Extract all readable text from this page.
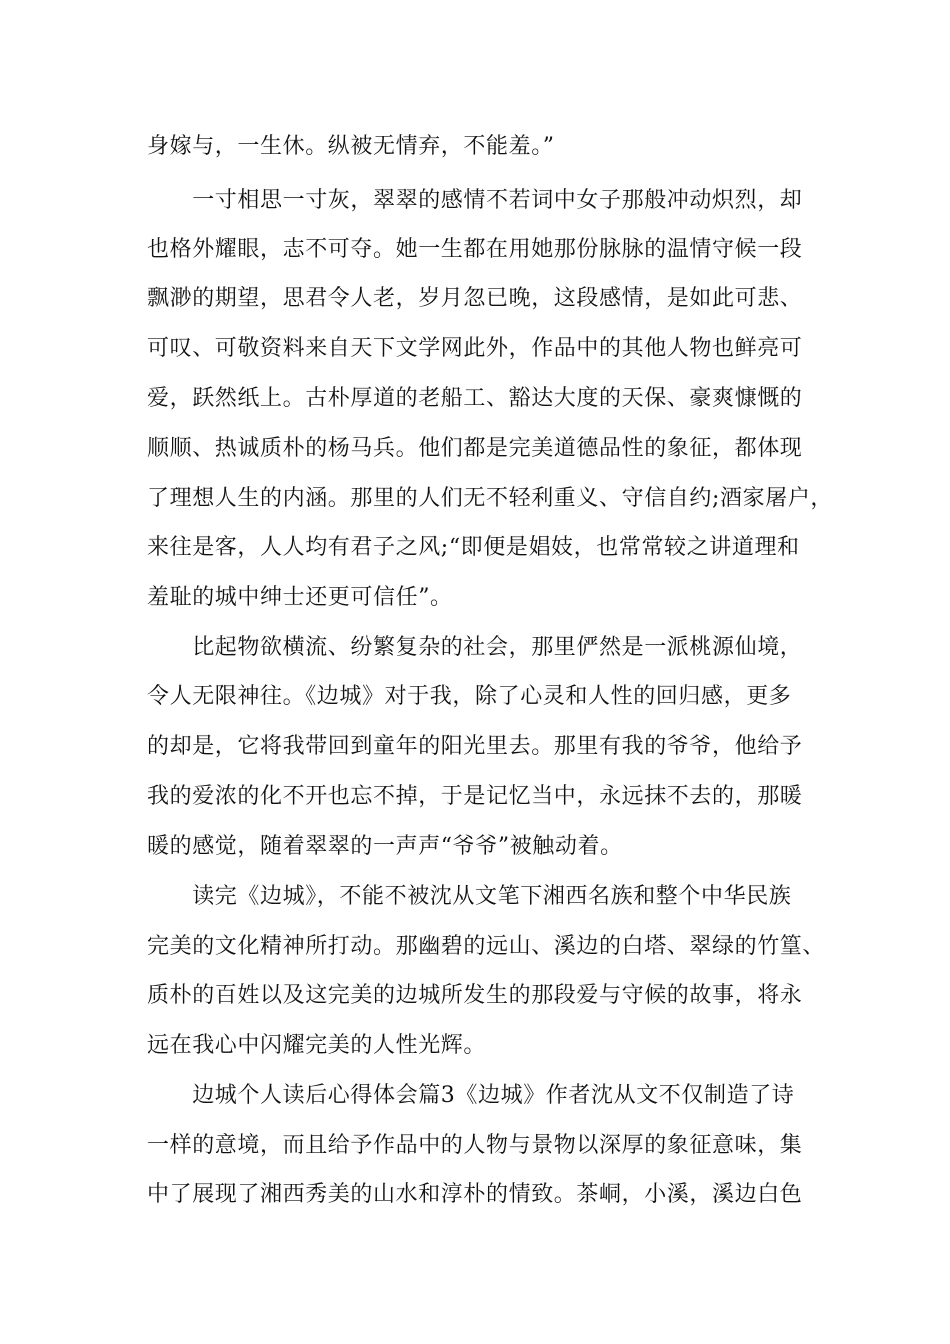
身嫁与，一生休。纵被无情弃，不能羞。”
　　一寸相思一寸灰，翠翠的感情不若词中女子那般冲动炽烈，却
也格外耀眼，志不可夺。她一生都在用她那份脉脉的温情守候一段
飘渺的期望，思君令人老，岁月忽已晚，这段感情，是如此可悲、
可叹、可敬资料来自天下文学网此外，作品中的其他人物也鲜亮可
爱，跃然纸上。古朴厚道的老船工、豁达大度的天保、豪爽慷慨的
顺顺、热诚质朴的杨马兵。他们都是完美道德品性的象征，都体现
了理想人生的内涵。那里的人们无不轻利重义、守信自约;酒家屠户，
来往是客，人人均有君子之风;“即便是娼妓，也常常较之讲道理和
羞耻的城中绅士还更可信任”。
　　比起物欲横流、纷繁复杂的社会，那里俨然是一派桃源仙境，
令人无限神往。《边城》对于我，除了心灵和人性的回归感，更多
的却是，它将我带回到童年的阳光里去。那里有我的爷爷，他给予
我的爱浓的化不开也忘不掉，于是记忆当中，永远抹不去的，那暖
暖的感觉，随着翠翠的一声声“爷爷”被触动着。
　　读完《边城》，不能不被沈从文笔下湘西名族和整个中华民族
完美的文化精神所打动。那幽碧的远山、溪边的白塔、翠绿的竹篁、
质朴的百姓以及这完美的边城所发生的那段爱与守候的故事，将永
远在我心中闪耀完美的人性光辉。
　　边城个人读后心得体会篇3《边城》作者沈从文不仅制造了诗
一样的意境，而且给予作品中的人物与景物以深厚的象征意味，集
中了展现了湘西秀美的山水和淳朴的情致。茶峒，小溪，溪边白色
